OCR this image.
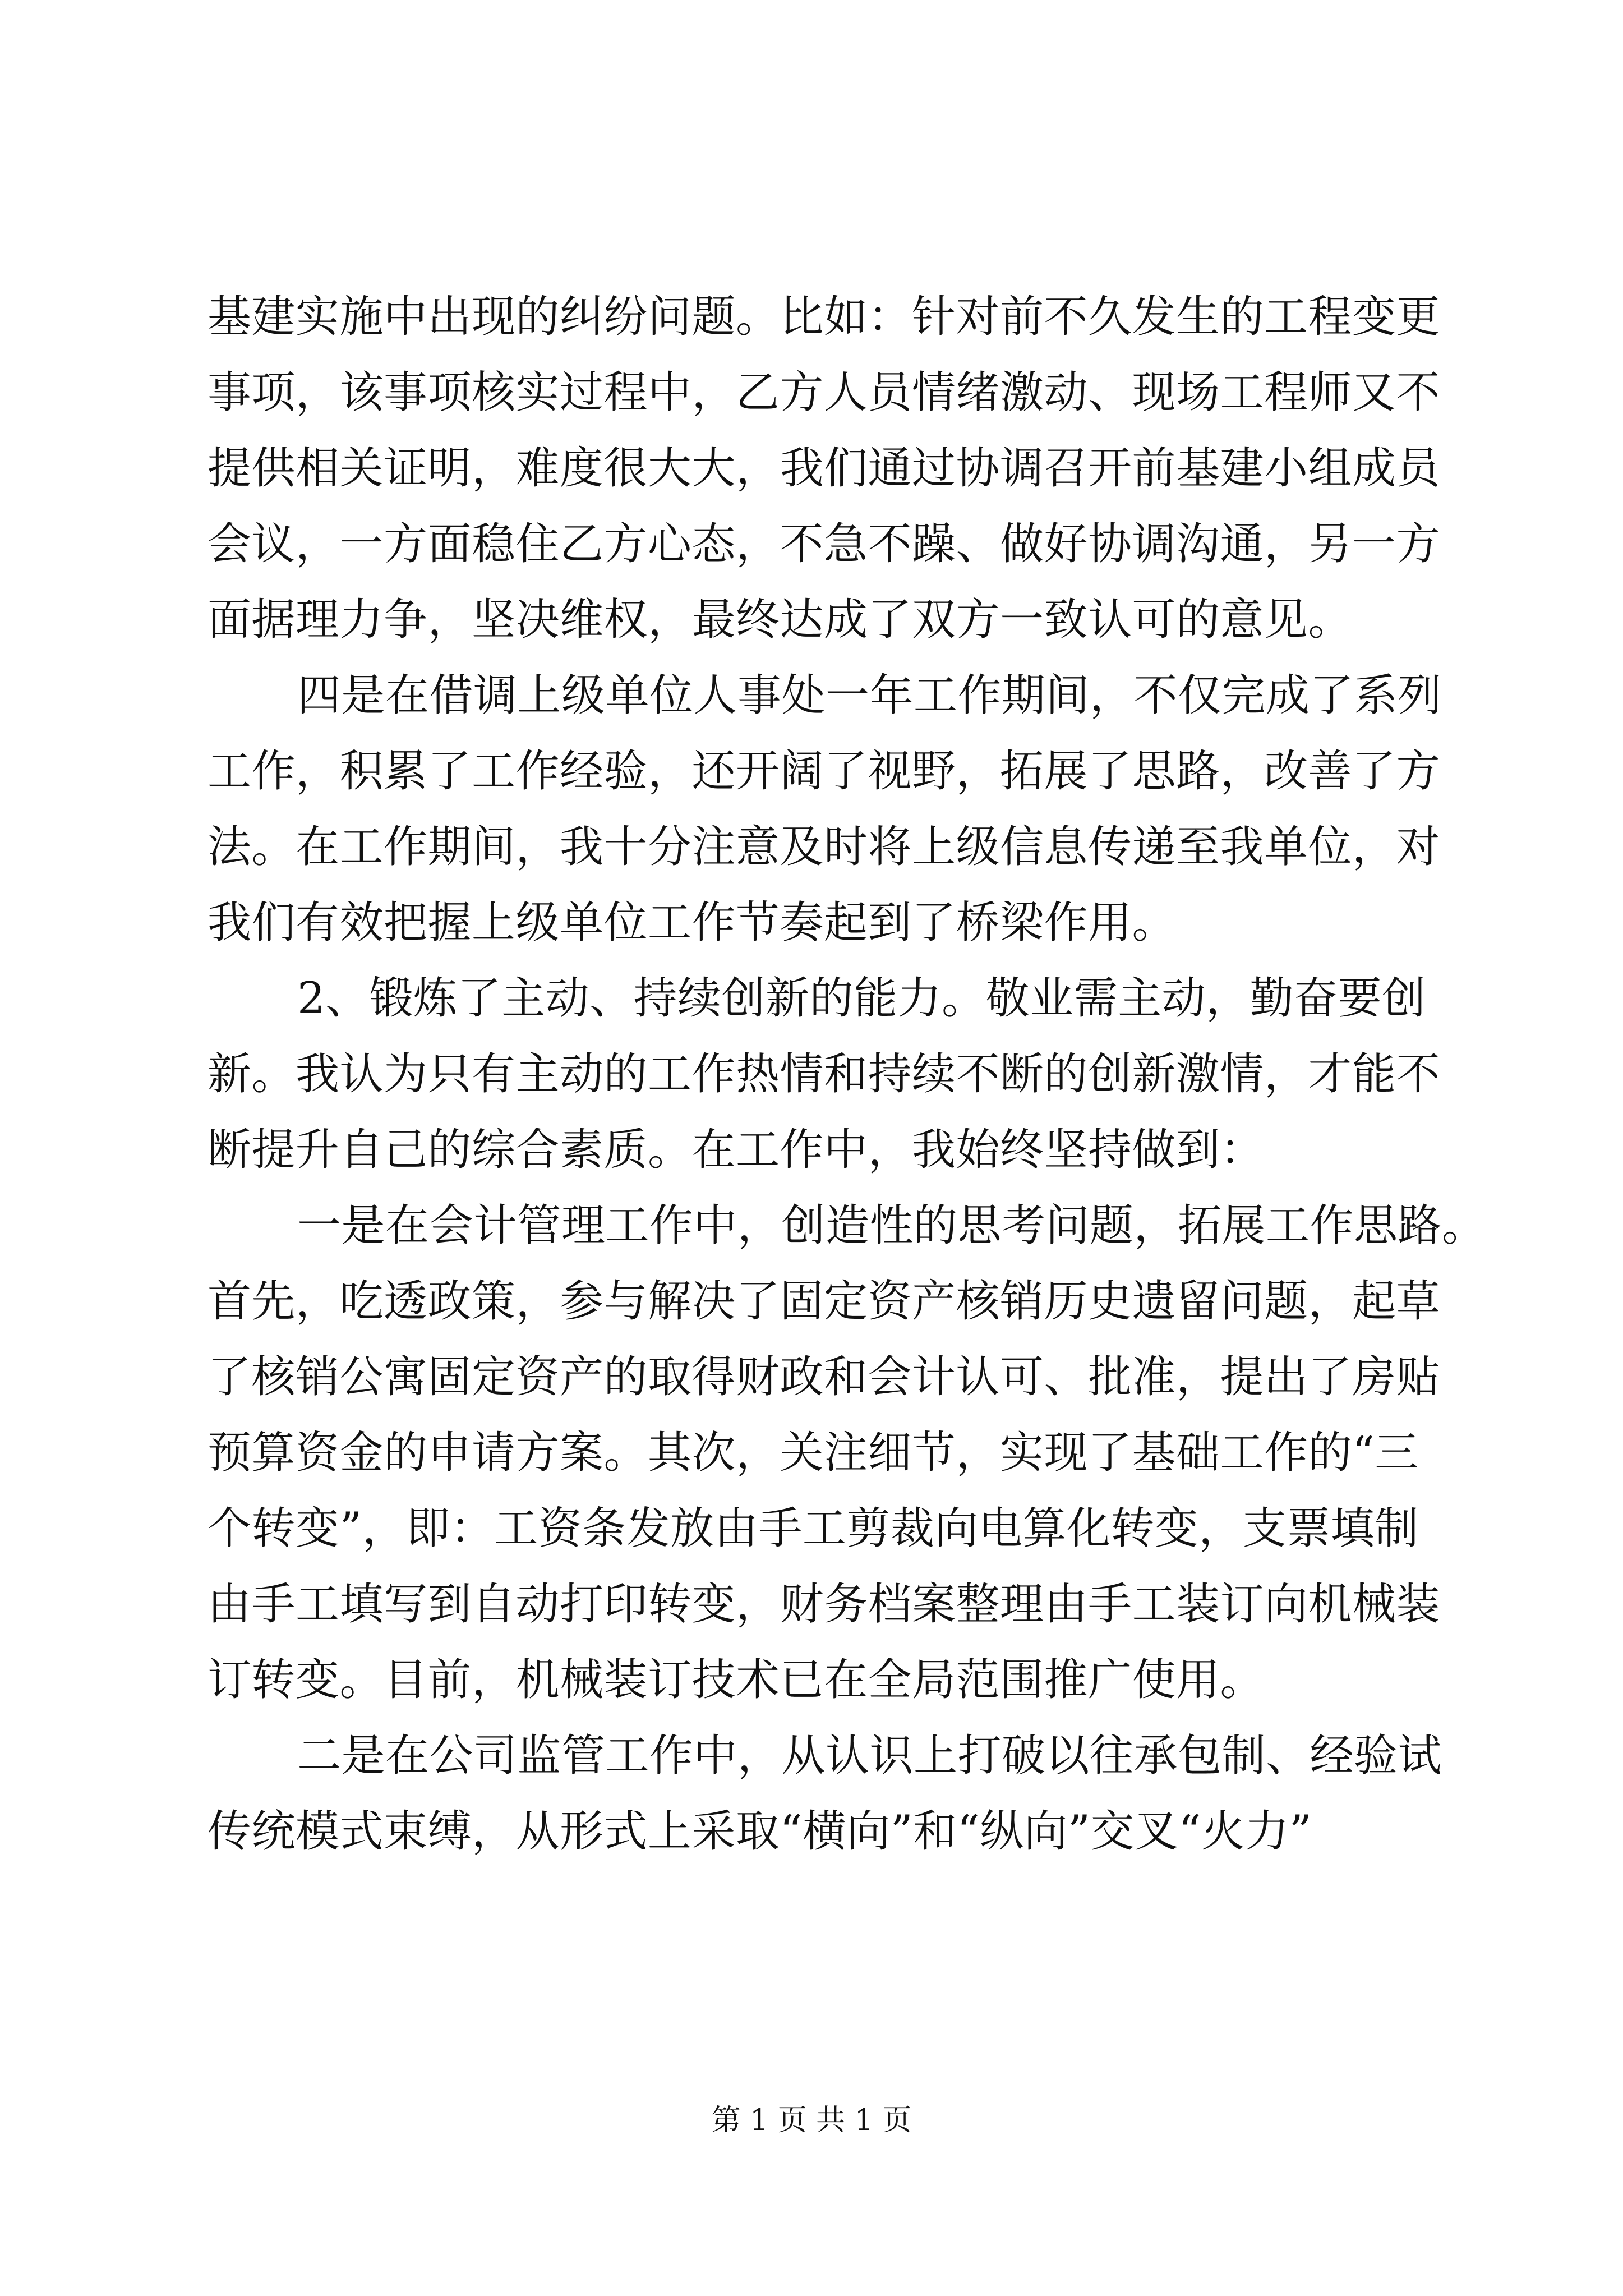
基建实施中出现的纠纷问题。比如：针对前不久发生的工程变更
事项，该事项核实过程中，乙方人员情绪激动、现场工程师又不
提供相关证明，难度很大大，我们通过协调召开前基建小组成员
会议，一方面稳住乙方心态，不急不躁、做好协调沟通，另一方
面据理力争，坚决维权，最终达成了双方一致认可的意见。
四是在借调上级单位人事处一年工作期间，不仅完成了系列
工作，积累了工作经验，还开阔了视野，拓展了思路，改善了方
法。在工作期间，我十分注意及时将上级信息传递至我单位，对
我们有效把握上级单位工作节奏起到了桥梁作用。
2、锻炼了主动、持续创新的能力。敬业需主动，勤奋要创
新。我认为只有主动的工作热情和持续不断的创新激情，才能不
断提升自己的综合素质。在工作中，我始终坚持做到：
一是在会计管理工作中，创造性的思考问题，拓展工作思路。
首先，吃透政策，参与解决了固定资产核销历史遗留问题，起草
了核销公寓固定资产的取得财政和会计认可、批准，提出了房贴
预算资金的申请方案。其次，关注细节，实现了基础工作的“三
个转变”，即：工资条发放由手工剪裁向电算化转变，支票填制
由手工填写到自动打印转变，财务档案整理由手工装订向机械装
订转变。目前，机械装订技术已在全局范围推广使用。
二是在公司监管工作中，从认识上打破以往承包制、经验试
传统模式束缚，从形式上采取“横向”和“纵向”交叉“火力”
第 1 页 共 1 页
